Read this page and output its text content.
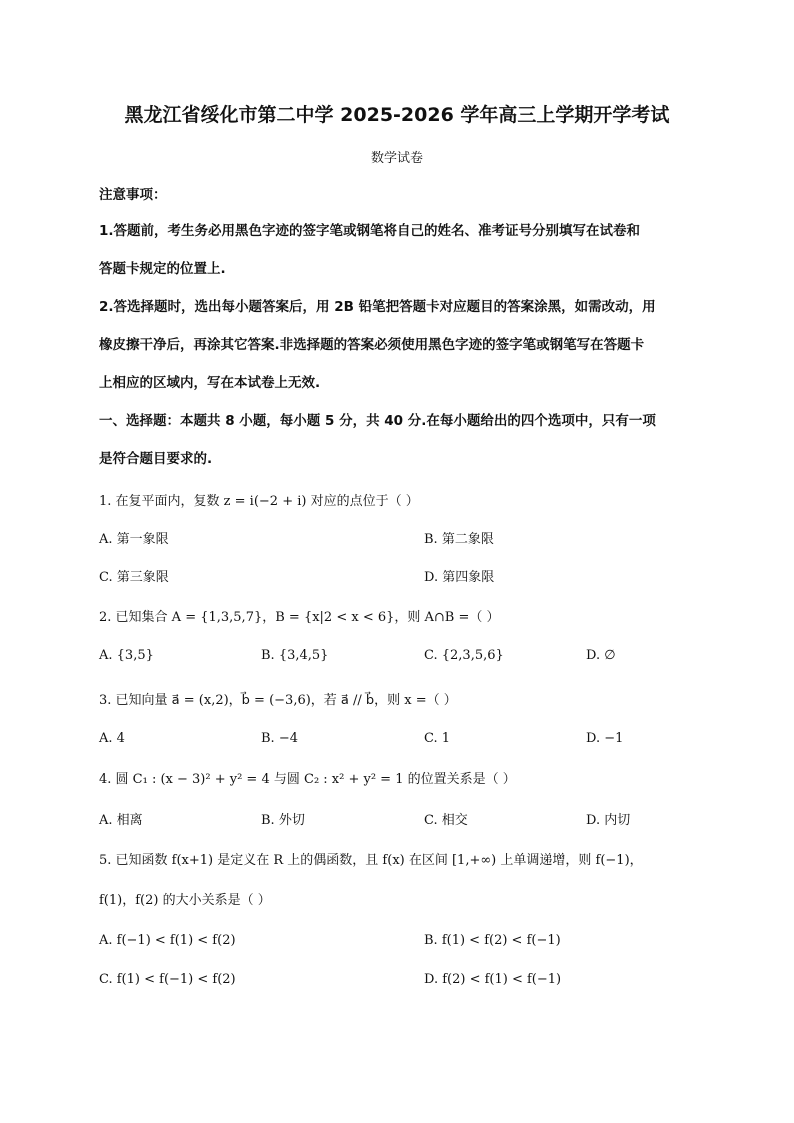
黑龙江省绥化市第二中学 2025-2026 学年高三上学期开学考试
数学试卷
注意事项：
1.答题前，考生务必用黑色字迹的签字笔或钢笔将自己的姓名、准考证号分别填写在试卷和
答题卡规定的位置上.
2.答选择题时，选出每小题答案后，用 2B 铅笔把答题卡对应题目的答案涂黑，如需改动，用
橡皮擦干净后，再涂其它答案.非选择题的答案必须使用黑色字迹的签字笔或钢笔写在答题卡
上相应的区域内，写在本试卷上无效.
一、选择题：本题共 8 小题，每小题 5 分，共 40 分.在每小题给出的四个选项中，只有一项
是符合题目要求的.
1. 在复平面内，复数 z = i(−2 + i) 对应的点位于（ ）
A. 第一象限	B. 第二象限
C. 第三象限	D. 第四象限
2. 已知集合 A = {1,3,5,7}，B = {x|2 < x < 6}，则 A∩B =（ ）
A. {3,5}	B. {3,4,5}	C. {2,3,5,6}	D. ∅
3. 已知向量 a⃗ = (x,2)，b⃗ = (−3,6)，若 a⃗ // b⃗，则 x =（ ）
A. 4	B. −4	C. 1	D. −1
4. 圆 C₁ : (x − 3)² + y² = 4 与圆 C₂ : x² + y² = 1 的位置关系是（ ）
A. 相离	B. 外切	C. 相交	D. 内切
5. 已知函数 f(x+1) 是定义在 R 上的偶函数，且 f(x) 在区间 [1,+∞) 上单调递增，则 f(−1)，
f(1)，f(2) 的大小关系是（ ）
A. f(−1) < f(1) < f(2)	B. f(1) < f(2) < f(−1)
C. f(1) < f(−1) < f(2)	D. f(2) < f(1) < f(−1)
